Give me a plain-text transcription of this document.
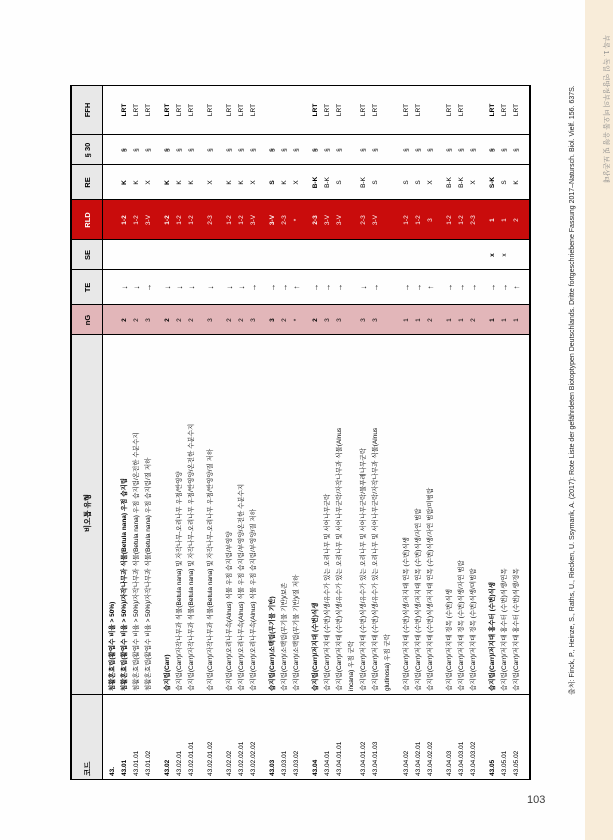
코드
비오톱 유형
nG
TE
SE
RLD
RE
§ 30
FFH
43.
침활혼효림(활엽수 비율 > 50%)
43.01
침활혼효림(활엽수 비율 > 50%)/자작나무과 식물(Betula nana) 우점 습지림
2
↓
1-2
K
§
LRT
43.01.01
침활혼효림(활엽수 비율 > 50%)/자작나무과 식물(Betula nana) 우점 습지림/온전한 수분수지
2
↓
1-2
K
§
LRT
43.01.02
침활혼효림(활엽수 비율 > 50%)/자작나무과 식물(Betula nana) 우점 습지림/질 저하
3
→
3-V
X
§
LRT
43.02
습지림(Carr)
2
↓
1-2
K
§
LRT
43.02.01
습지림(Carr)/자작나무과 식물(Betula nana) 및 자작나무-오리나무 우점/반영양
2
↓
1-2
K
§
LRT
43.02.01.01
습지림(Carr)/자작나무과 식물(Betula nana) 및 자작나무-오리나무 우점/반영양/온전한 수분수지
2
↓
1-2
K
§
LRT
43.02.01.02
습지림(Carr)/자작나무과 식물(Betula nana) 및 자작나무-오리나무 우점/반영양/질 저하
3
↓
2-3
X
§
LRT
43.02.02
습지림(Carr)/오리나무속(Alnus) 식물 우점 습지림/부영양
2
↓
1-2
K
§
LRT
43.02.02.01
습지림(Carr)/오리나무속(Alnus) 식물 우점 습지림/부영양/온전한 수분수지
2
↓
1-2
K
§
LRT
43.02.02.02
습지림(Carr)/오리나무속(Alnus) 식물 우점 습지림/부영양/질 저하
3
→
3-V
X
§
LRT
43.03
습지림(Carr)/소택림(무기물 기반)
3
→
3-V
S
§
43.03.01
습지림(Carr)/소택림(무기물 기반)/보존
2
→
2-3
K
§
43.03.02
습지림(Carr)/소택림(무기물 기반)/질 저하
*
↑
*
X
§
43.04
습지림(Carr)/저지대 (수변)식생
2
→
2-3
B-K
§
LRT
43.04.01
습지림(Carr)/저지대 (수변)식생/유수가 있는 오리나무 및 서어나무군락
3
→
3-V
B-K
§
LRT
43.04.01.01
습지림(Carr)/저지대 (수변)식생/유수가 있는 오리나무 및 서어나무군락/자작나무과 식물(Alnus incana) 우점 군락
3
→
3-V
S
§
LRT
43.04.01.02
습지림(Carr)/저지대 (수변)식생/유수가 있는 오리나무 및 서어나무군락/물푸레나무군락
3
↓
2-3
B-K
§
LRT
43.04.01.03
습지림(Carr)/저지대 (수변)식생/유수가 있는 오리나무 및 서어나무군락/자작나무과 식물(Alnus glutinosa) 우점 군락
3
→
3-V
S
§
LRT
43.04.02
습지림(Carr)/저지대 (수변)식생/저지대 연목 (수변)식생
1
→
1-2
S
§
LRT
43.04.02.01
습지림(Carr)/저지대 (수변)식생/저지대 연목 (수변)식생/자연 범람
1
→
1-2
S
§
LRT
43.04.02.02
습지림(Carr)/저지대 (수변)식생/저지대 연목 (수변)식생/자연 범람/미범람
2
↑
3
X
§
43.04.03
습지림(Carr)/저지대 경목 (수변)식생
1
→
1-2
B-K
§
LRT
43.04.03.01
습지림(Carr)/저지대 경목 (수변)식생/자연 범람
1
→
1-2
B-K
§
LRT
43.04.03.02
습지림(Carr)/저지대 경목 (수변)식생/미범람
2
→
2-3
X
§
43.05
습지림(Carr)/저지대 홍수터 (수변)식생
1
→
x
1
S-K
§
LRT
43.05.01
습지림(Carr)/저지대 홍수터 (수변)식생/연목
1
→
x
1
S
§
LRT
43.05.02
습지림(Carr)/저지대 홍수터 (수변)식생/경목
1
↑
2
K
§
LRT	출처: Finck, P., Heinze, S., Raths, U., Riecken, U. Ssymank, A. (2017): Rote Liste der gefährdeten Biotoptypen Deutschlands. Dritte fortgeschriebene Fassung 2017–Natursch. Biol. Vielf. 156. 637S.	부록 1. 독일 연방정부의 비오톱 유형 및 보존상태
103
